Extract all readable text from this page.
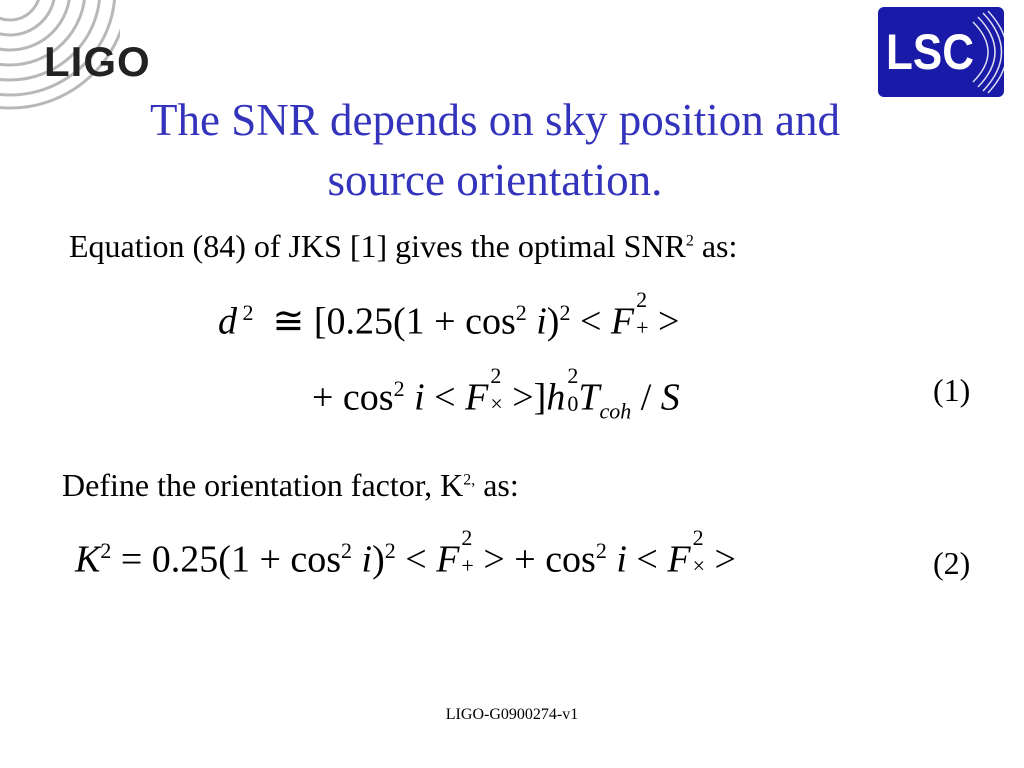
LIGO	LSC
The SNR depends on sky position and
source orientation.
Equation (84) of JKS [1] gives the optimal SNR$^2$ as:
d $^2$  ≅ [$0.25(1 + \cos^2 i)^2 < F$
2
+ >
+ $\cos^2 i < F$
2
× >]h
2
0 $T_{coh}$ / S	(1)
Define the orientation factor, $K^{2,}$ as:
$K^2 = 0.25(1 + \cos^2 i)^2 < F$
2
+ > + $\cos^2 i < F$
2
× >	(2)
LIGO-G0900274-v1
